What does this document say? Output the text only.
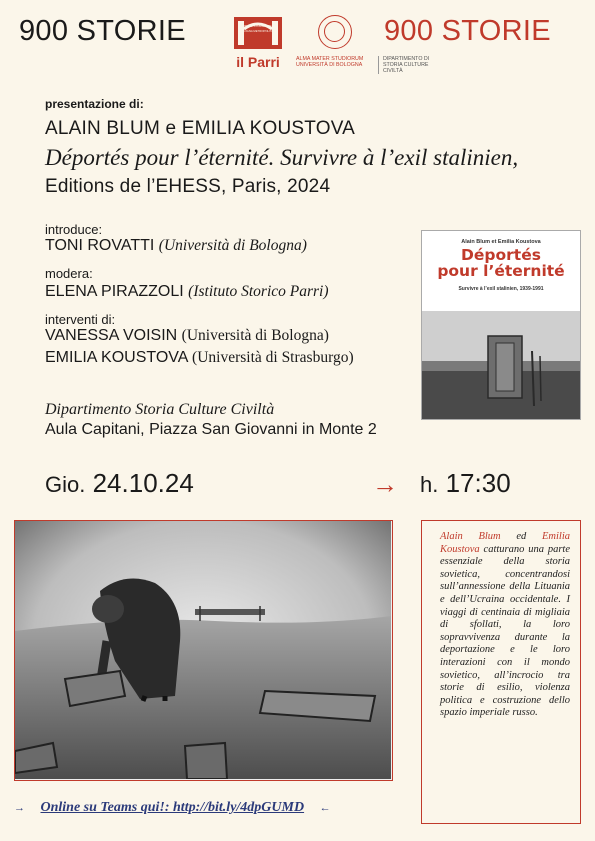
900 STORIE	ISTITUTO STORICO PARRI
BOLOGNA METROPOLITANA
il Parri	ALMA MATER STUDIORUM UNIVERSITÀ DI BOLOGNA
DIPARTIMENTO DI STORIA CULTURE CIVILTÀ
900 STORIE
presentazione di:
ALAIN BLUM e EMILIA KOUSTOVA
Déportés pour l’éternité. Survivre à l’exil stalinien,
Editions de l’EHESS, Paris, 2024
introduce:
TONI ROVATTI (Università di Bologna)
modera:
ELENA PIRAZZOLI (Istituto Storico Parri)
interventi di:
VANESSA VOISIN (Università di Bologna)
EMILIA KOUSTOVA (Università di Strasburgo)
Dipartimento Storia Culture Civiltà
Aula Capitani, Piazza San Giovanni in Monte 2
Alain Blum et Emilia Koustova
Déportés
pour l’éternité
Survivre à l’exil stalinien, 1939-1991
Gio. 24.10.24	→ h. 17:30
Alain Blum ed Emilia Koustova catturano una parte essenziale della storia sovietica, concentrandosi sull’annessione della Lituania e dell’Ucraina occidentale. I viaggi di centinaia di migliaia di sfollati, la loro sopravvivenza durante la deportazione e le loro interazioni con il mondo sovietico, all’incrocio tra storie di esilio, violenza politica e costruzione dello spazio imperiale russo.
→ Online su Teams qui!: http://bit.ly/4dpGUMD ←
